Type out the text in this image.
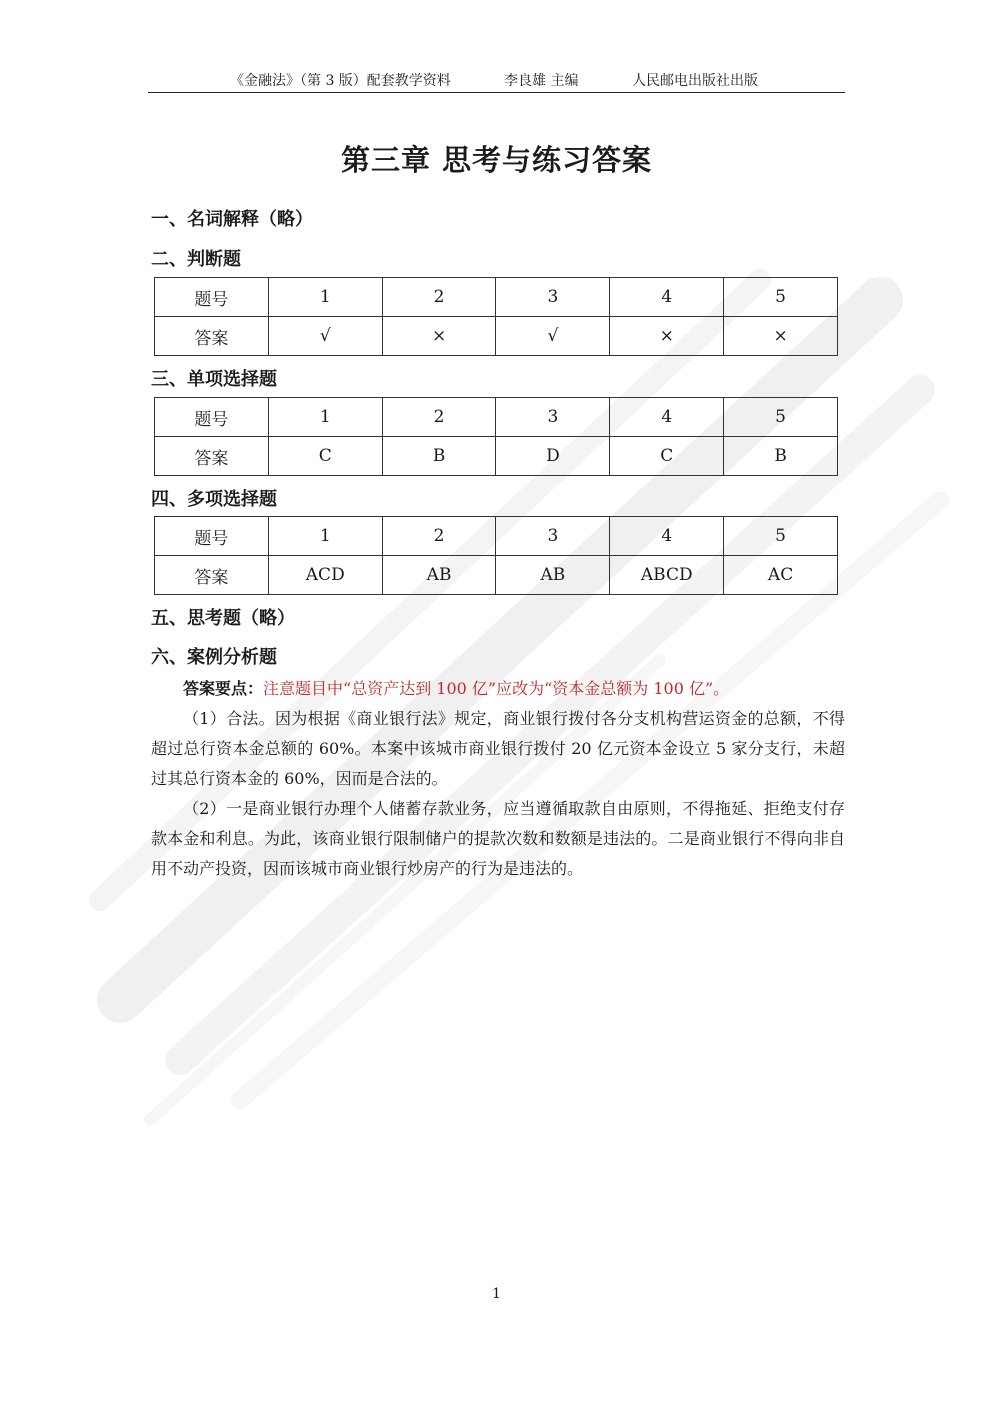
《金融法》（第 3 版）配套教学资料	李良雄 主编	人民邮电出版社出版
第三章 思考与练习答案
一、名词解释（略）
二、判断题
题号	1	2	3	4	5
答案	√	×	√	×	×
三、单项选择题
题号	1	2	3	4	5
答案	C	B	D	C	B
四、多项选择题
题号	1	2	3	4	5
答案	ACD	AB	AB	ABCD	AC
五、思考题（略）
六、案例分析题
答案要点：注意题目中“总资产达到 100 亿”应改为“资本金总额为 100 亿”。
（1）合法。因为根据《商业银行法》规定，商业银行拨付各分支机构营运资金的总额，不得超过总行资本金总额的 60%。本案中该城市商业银行拨付 20 亿元资本金设立 5 家分支行，未超过其总行资本金的 60%，因而是合法的。
（2）一是商业银行办理个人储蓄存款业务，应当遵循取款自由原则，不得拖延、拒绝支付存款本金和利息。为此，该商业银行限制储户的提款次数和数额是违法的。二是商业银行不得向非自用不动产投资，因而该城市商业银行炒房产的行为是违法的。
1
